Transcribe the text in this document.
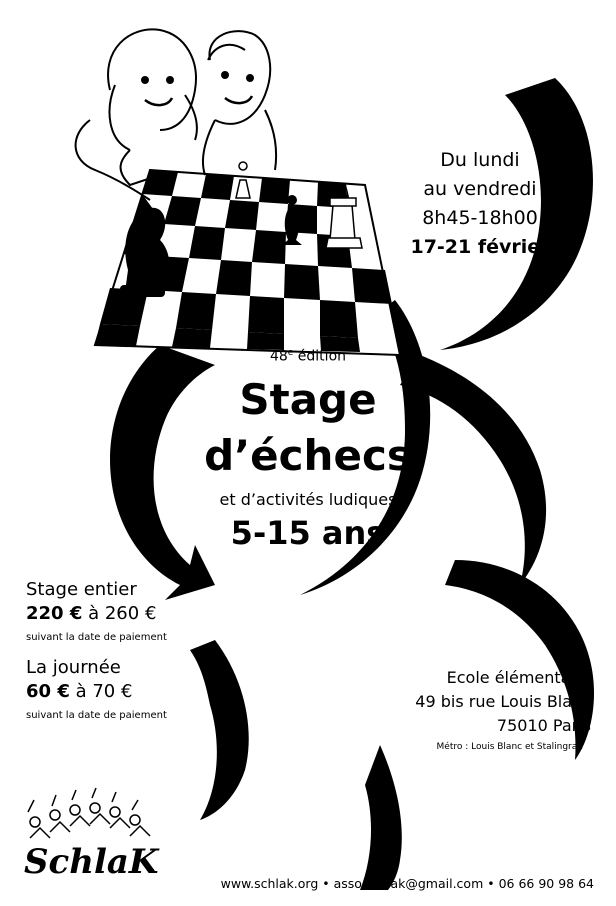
Du lundi
au vendredi
8h45-18h00
17-21 février
48e édition
Stage
d’échecs
et d’activités ludiques
5-15 ans
Stage entier
220 € à 260 €
suivant la date de paiement
La journée
60 € à 70 €
suivant la date de paiement
Ecole élémentaire
49 bis rue Louis Blanc
75010 Paris
Métro : Louis Blanc et Stalingrad
SchlaK
www.schlak.org • asso.schlak@gmail.com • 06 66 90 98 64
